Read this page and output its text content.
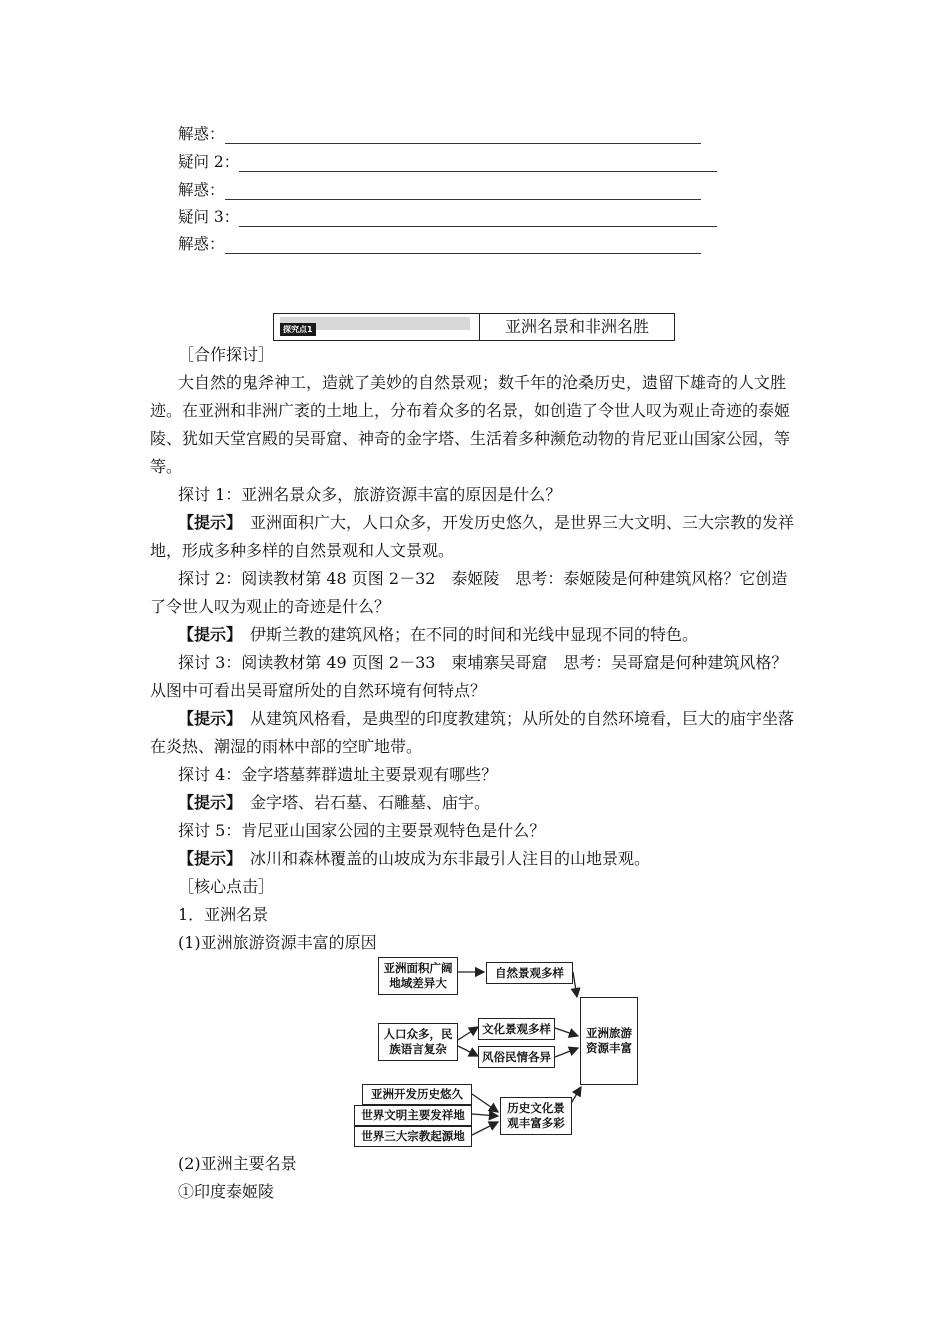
解惑：
疑问 2：
解惑：
疑问 3：
解惑：
探究点1	亚洲名景和非洲名胜

［合作探讨］

大自然的鬼斧神工，造就了美妙的自然景观；数千年的沧桑历史，遗留下雄奇的人文胜迹。在亚洲和非洲广袤的土地上，分布着众多的名景，如创造了令世人叹为观止奇迹的泰姬陵、犹如天堂宫殿的吴哥窟、神奇的金字塔、生活着多种濒危动物的肯尼亚山国家公园，等等。

探讨 1：亚洲名景众多，旅游资源丰富的原因是什么？

【提示】　 亚洲面积广大，人口众多，开发历史悠久，是世界三大文明、三大宗教的发祥地，形成多种多样的自然景观和人文景观。

探讨 2：阅读教材第 48 页图 2－32　泰姬陵　思考：泰姬陵是何种建筑风格？它创造了令世人叹为观止的奇迹是什么？

【提示】　 伊斯兰教的建筑风格；在不同的时间和光线中显现不同的特色。

探讨 3：阅读教材第 49 页图 2－33　柬埔寨吴哥窟　思考：吴哥窟是何种建筑风格？从图中可看出吴哥窟所处的自然环境有何特点？

【提示】　 从建筑风格看，是典型的印度教建筑；从所处的自然环境看，巨大的庙宇坐落在炎热、潮湿的雨林中部的空旷地带。

探讨 4：金字塔墓葬群遗址主要景观有哪些？

【提示】　 金字塔、岩石墓、石雕墓、庙宇。

探讨 5：肯尼亚山国家公园的主要景观特色是什么？

【提示】　 冰川和森林覆盖的山坡成为东非最引人注目的山地景观。

［核心点击］

1．亚洲名景

(1)亚洲旅游资源丰富的原因

亚洲面积广阔地域差异大
自然景观多样
人口众多，民族语言复杂
文化景观多样
风俗民情各异
亚洲开发历史悠久
世界文明主要发祥地
世界三大宗教起源地
历史文化景观丰富多彩
亚洲旅游资源丰富

(2)亚洲主要名景

①印度泰姬陵
